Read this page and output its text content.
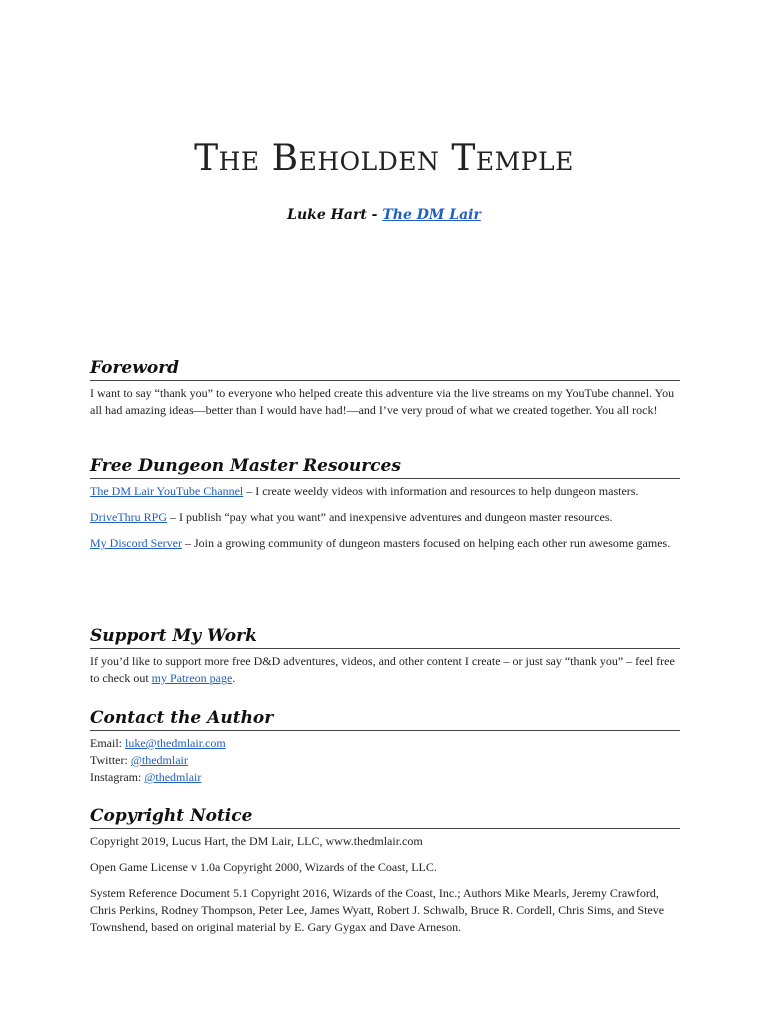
The Beholden Temple
Luke Hart - The DM Lair
Foreword

I want to say “thank you” to everyone who helped create this adventure via the live streams on my YouTube channel. You all had amazing ideas—better than I would have had!—and I’ve very proud of what we created together. You all rock!

Free Dungeon Master Resources

The DM Lair YouTube Channel – I create weeldy videos with information and resources to help dungeon masters.

DriveThru RPG – I publish “pay what you want” and inexpensive adventures and dungeon master resources.

My Discord Server – Join a growing community of dungeon masters focused on helping each other run awesome games.

Support My Work

If you’d like to support more free D&D adventures, videos, and other content I create – or just say “thank you” – feel free to check out my Patreon page.

Contact the Author

Email: luke@thedmlair.com

Twitter: @thedmlair

Instagram: @thedmlair

Copyright Notice

Copyright 2019, Lucus Hart, the DM Lair, LLC, www.thedmlair.com

Open Game License v 1.0a Copyright 2000, Wizards of the Coast, LLC.

System Reference Document 5.1 Copyright 2016, Wizards of the Coast, Inc.; Authors Mike Mearls, Jeremy Crawford, Chris Perkins, Rodney Thompson, Peter Lee, James Wyatt, Robert J. Schwalb, Bruce R. Cordell, Chris Sims, and Steve Townshend, based on original material by E. Gary Gygax and Dave Arneson.
